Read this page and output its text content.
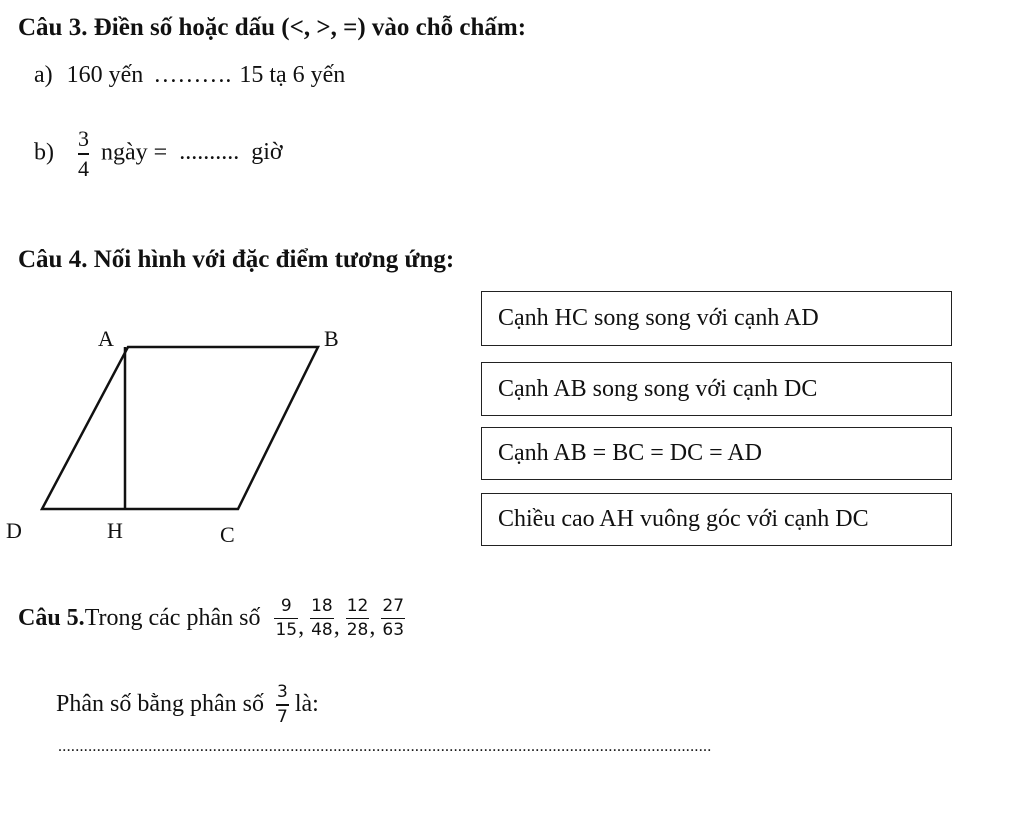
Câu 3. Điền số hoặc dấu (<, >, =) vào chỗ chấm:
a) 160 yến ………. 15 tạ 6 yến
$b) \frac{3}{4}$ ngày = .......... giờ
Câu 4. Nối hình với đặc điểm tương ứng:
A	B
D	H	C
Cạnh HC song song với cạnh AD
Cạnh AB song song với cạnh DC
Cạnh AB = BC = DC = AD
Chiều cao AH vuông góc với cạnh DC
Câu 5. Trong các phân số $\frac{9}{15}$ , $\frac{18}{48}$ , $\frac{12}{28}$ , $\frac{27}{63}$
Phân số bằng phân số $\frac{3}{7}$ là:
........................................................................................................................................................
